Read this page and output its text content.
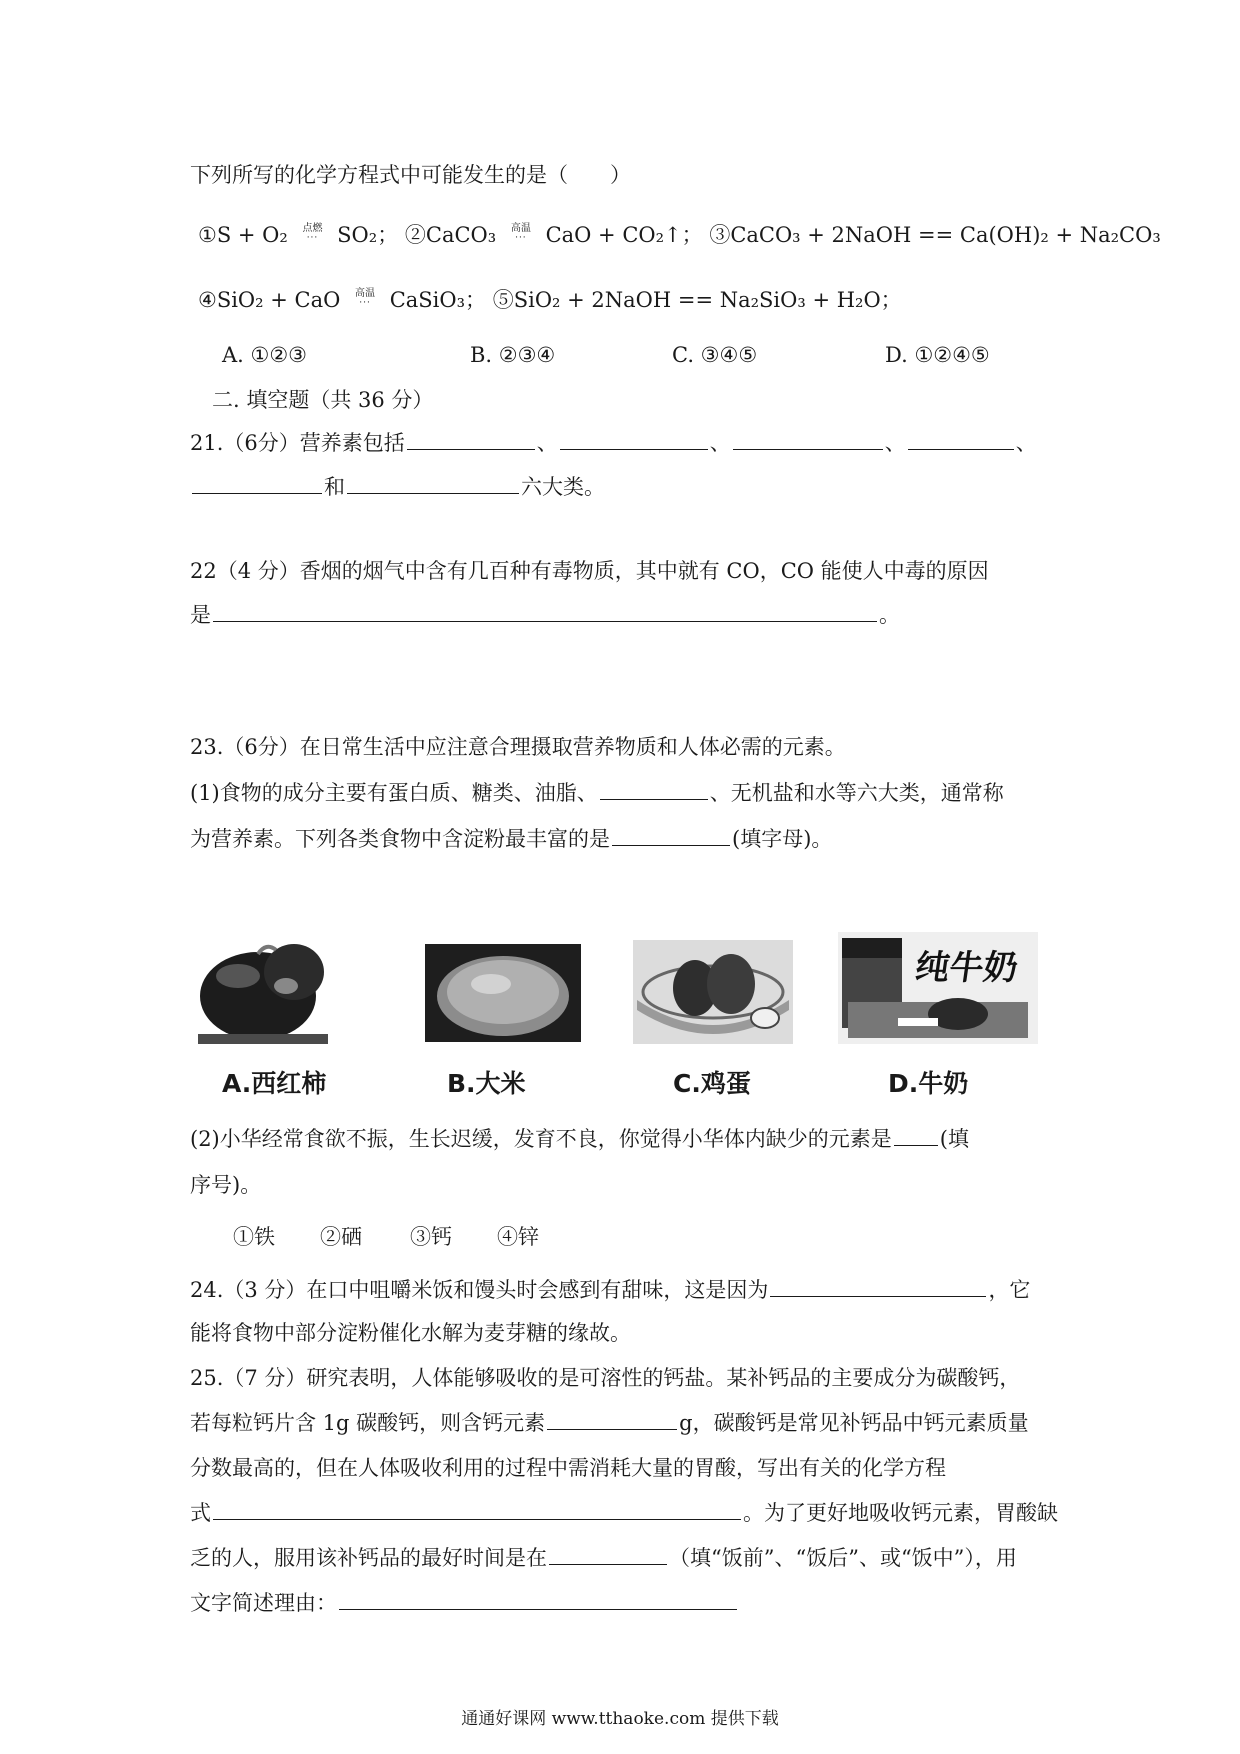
下列所写的化学方程式中可能发生的是（　　）
①S + O₂ 点燃
··· SO₂； ②CaCO₃ 高温
··· CaO + CO₂↑； ③CaCO₃ + 2NaOH == Ca(OH)₂ + Na₂CO₃
④SiO₂ + CaO 高温
··· CaSiO₃； ⑤SiO₂ + 2NaOH == Na₂SiO₃ + H₂O；
A. ①②③	B. ②③④	C. ③④⑤	D. ①②④⑤
二. 填空题（共 36 分）
21.（6分）营养素包括	、	、	、	、
和	六大类。
22（4 分）香烟的烟气中含有几百种有毒物质，其中就有 CO，CO 能使人中毒的原因
是	。
23.（6分）在日常生活中应注意合理摄取营养物质和人体必需的元素。
(1)食物的成分主要有蛋白质、糖类、油脂、	、无机盐和水等六大类，通常称
为营养素。下列各类食物中含淀粉最丰富的是	(填字母)。
纯牛奶
A.西红柿	B.大米	C.鸡蛋	D.牛奶
(2)小华经常食欲不振，生长迟缓，发育不良，你觉得小华体内缺少的元素是 (填
序号)。
①铁 ②硒 ③钙 ④锌
24.（3 分）在口中咀嚼米饭和馒头时会感到有甜味，这是因为	，它
能将食物中部分淀粉催化水解为麦芽糖的缘故。
25.（7 分）研究表明，人体能够吸收的是可溶性的钙盐。某补钙品的主要成分为碳酸钙，
若每粒钙片含 1g 碳酸钙，则含钙元素	g，碳酸钙是常见补钙品中钙元素质量
分数最高的，但在人体吸收利用的过程中需消耗大量的胃酸，写出有关的化学方程
式	。为了更好地吸收钙元素，胃酸缺
乏的人，服用该补钙品的最好时间是在	（填“饭前”、“饭后”、或“饭中”），用
文字简述理由：
通通好课网 www.tthaoke.com 提供下载
